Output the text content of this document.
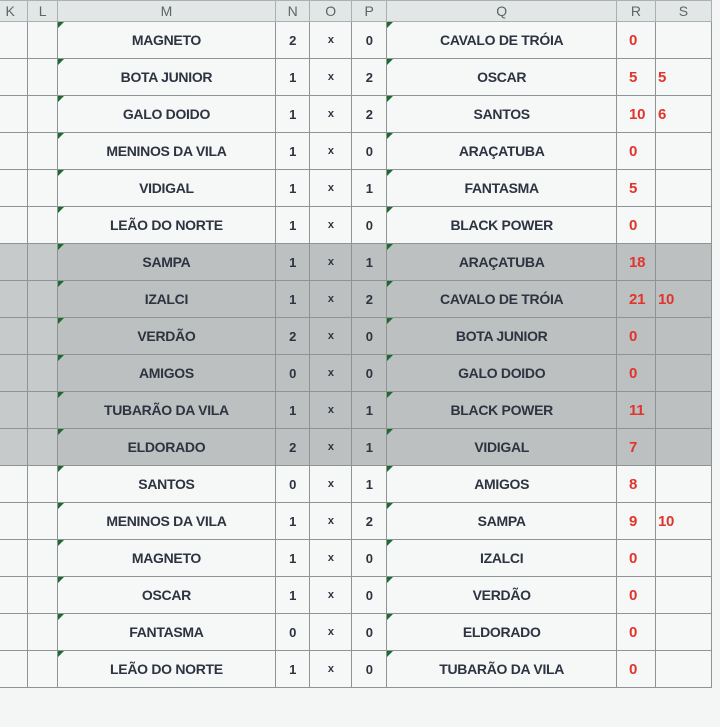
K	L	M	N	O	P	Q	R	S
		MAGNETO	2	x	0	CAVALO DE TRÓIA	0	
		BOTA JUNIOR	1	x	2	OSCAR	5	5
		GALO DOIDO	1	x	2	SANTOS	10	6
		MENINOS DA VILA	1	x	0	ARAÇATUBA	0	
		VIDIGAL	1	x	1	FANTASMA	5	
		LEÃO DO NORTE	1	x	0	BLACK POWER	0	
		SAMPA	1	x	1	ARAÇATUBA	18	
		IZALCI	1	x	2	CAVALO DE TRÓIA	21	10
		VERDÃO	2	x	0	BOTA JUNIOR	0	
		AMIGOS	0	x	0	GALO DOIDO	0	
		TUBARÃO DA VILA	1	x	1	BLACK POWER	11	
		ELDORADO	2	x	1	VIDIGAL	7	
		SANTOS	0	x	1	AMIGOS	8	
		MENINOS DA VILA	1	x	2	SAMPA	9	10
		MAGNETO	1	x	0	IZALCI	0	
		OSCAR	1	x	0	VERDÃO	0	
		FANTASMA	0	x	0	ELDORADO	0	
		LEÃO DO NORTE	1	x	0	TUBARÃO DA VILA	0	
